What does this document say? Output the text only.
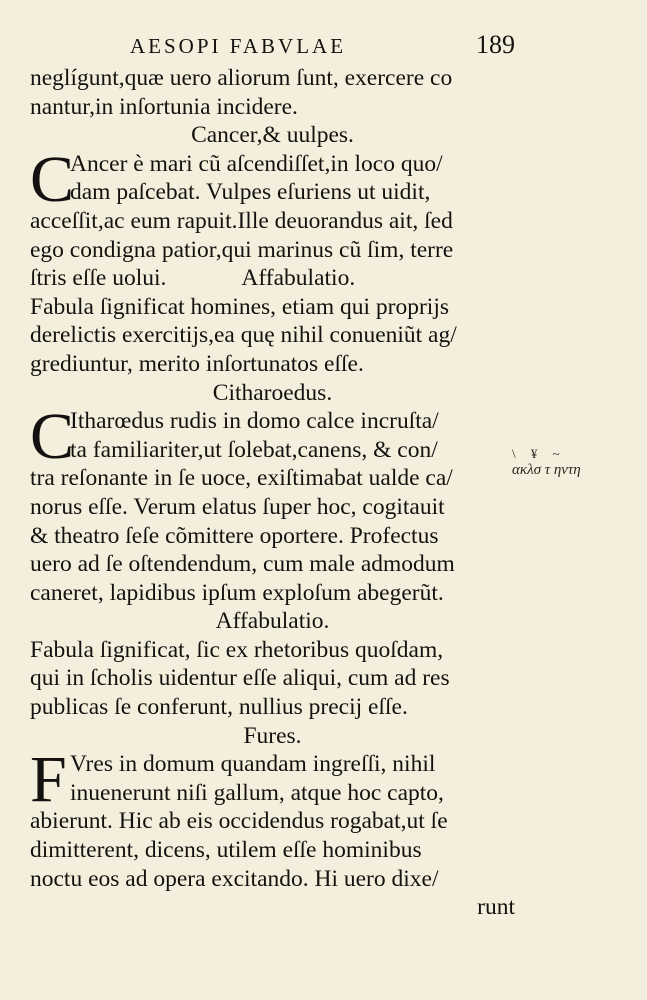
AESOPI FABVLAE	189
neglígunt,quæ uero aliorum ſunt, exercere co
nantur,in inſortunia incidere.
Cancer,& uulpes.
C
Ancer è mari cũ aſcendiſſet,in loco quo/
dam paſcebat. Vulpes eſuriens ut uidit,
acceſſit,ac eum rapuit.Ille deuorandus ait, ſed
ego condigna patior,qui marinus cũ ſim, terre
ſtris eſſe uolui.	Affabulatio.
Fabula ſignificat homines, etiam qui proprijs
derelictis exercitijs,ea quę nihil conueniũt ag/
grediuntur, merito inſortunatos eſſe.
Citharoedus.
C
Itharœdus rudis in domo calce incruſta/
ta familiariter,ut ſolebat,canens, & con/
tra reſonante in ſe uoce, exiſtimabat ualde ca/
norus eſſe. Verum elatus ſuper hoc, cogitauit
& theatro ſeſe cõmittere oportere. Profectus
uero ad ſe oſtendendum, cum male admodum
caneret, lapidibus ipſum exploſum abegerũt.
Affabulatio.
Fabula ſignificat, ſic ex rhetoribus quoſdam,
qui in ſcholis uidentur eſſe aliqui, cum ad res
publicas ſe conferunt, nullius precij eſſe.
Fures.
F Vres in domum quandam ingreſſi, nihil
inuenerunt niſi gallum, atque hoc capto,
abierunt. Hic ab eis occidendus rogabat,ut ſe
dimitterent, dicens, utilem eſſe hominibus
noctu eos ad opera excitando. Hi uero dixe/
runt
\ ¥ ~
ακλσ τ ηντη
